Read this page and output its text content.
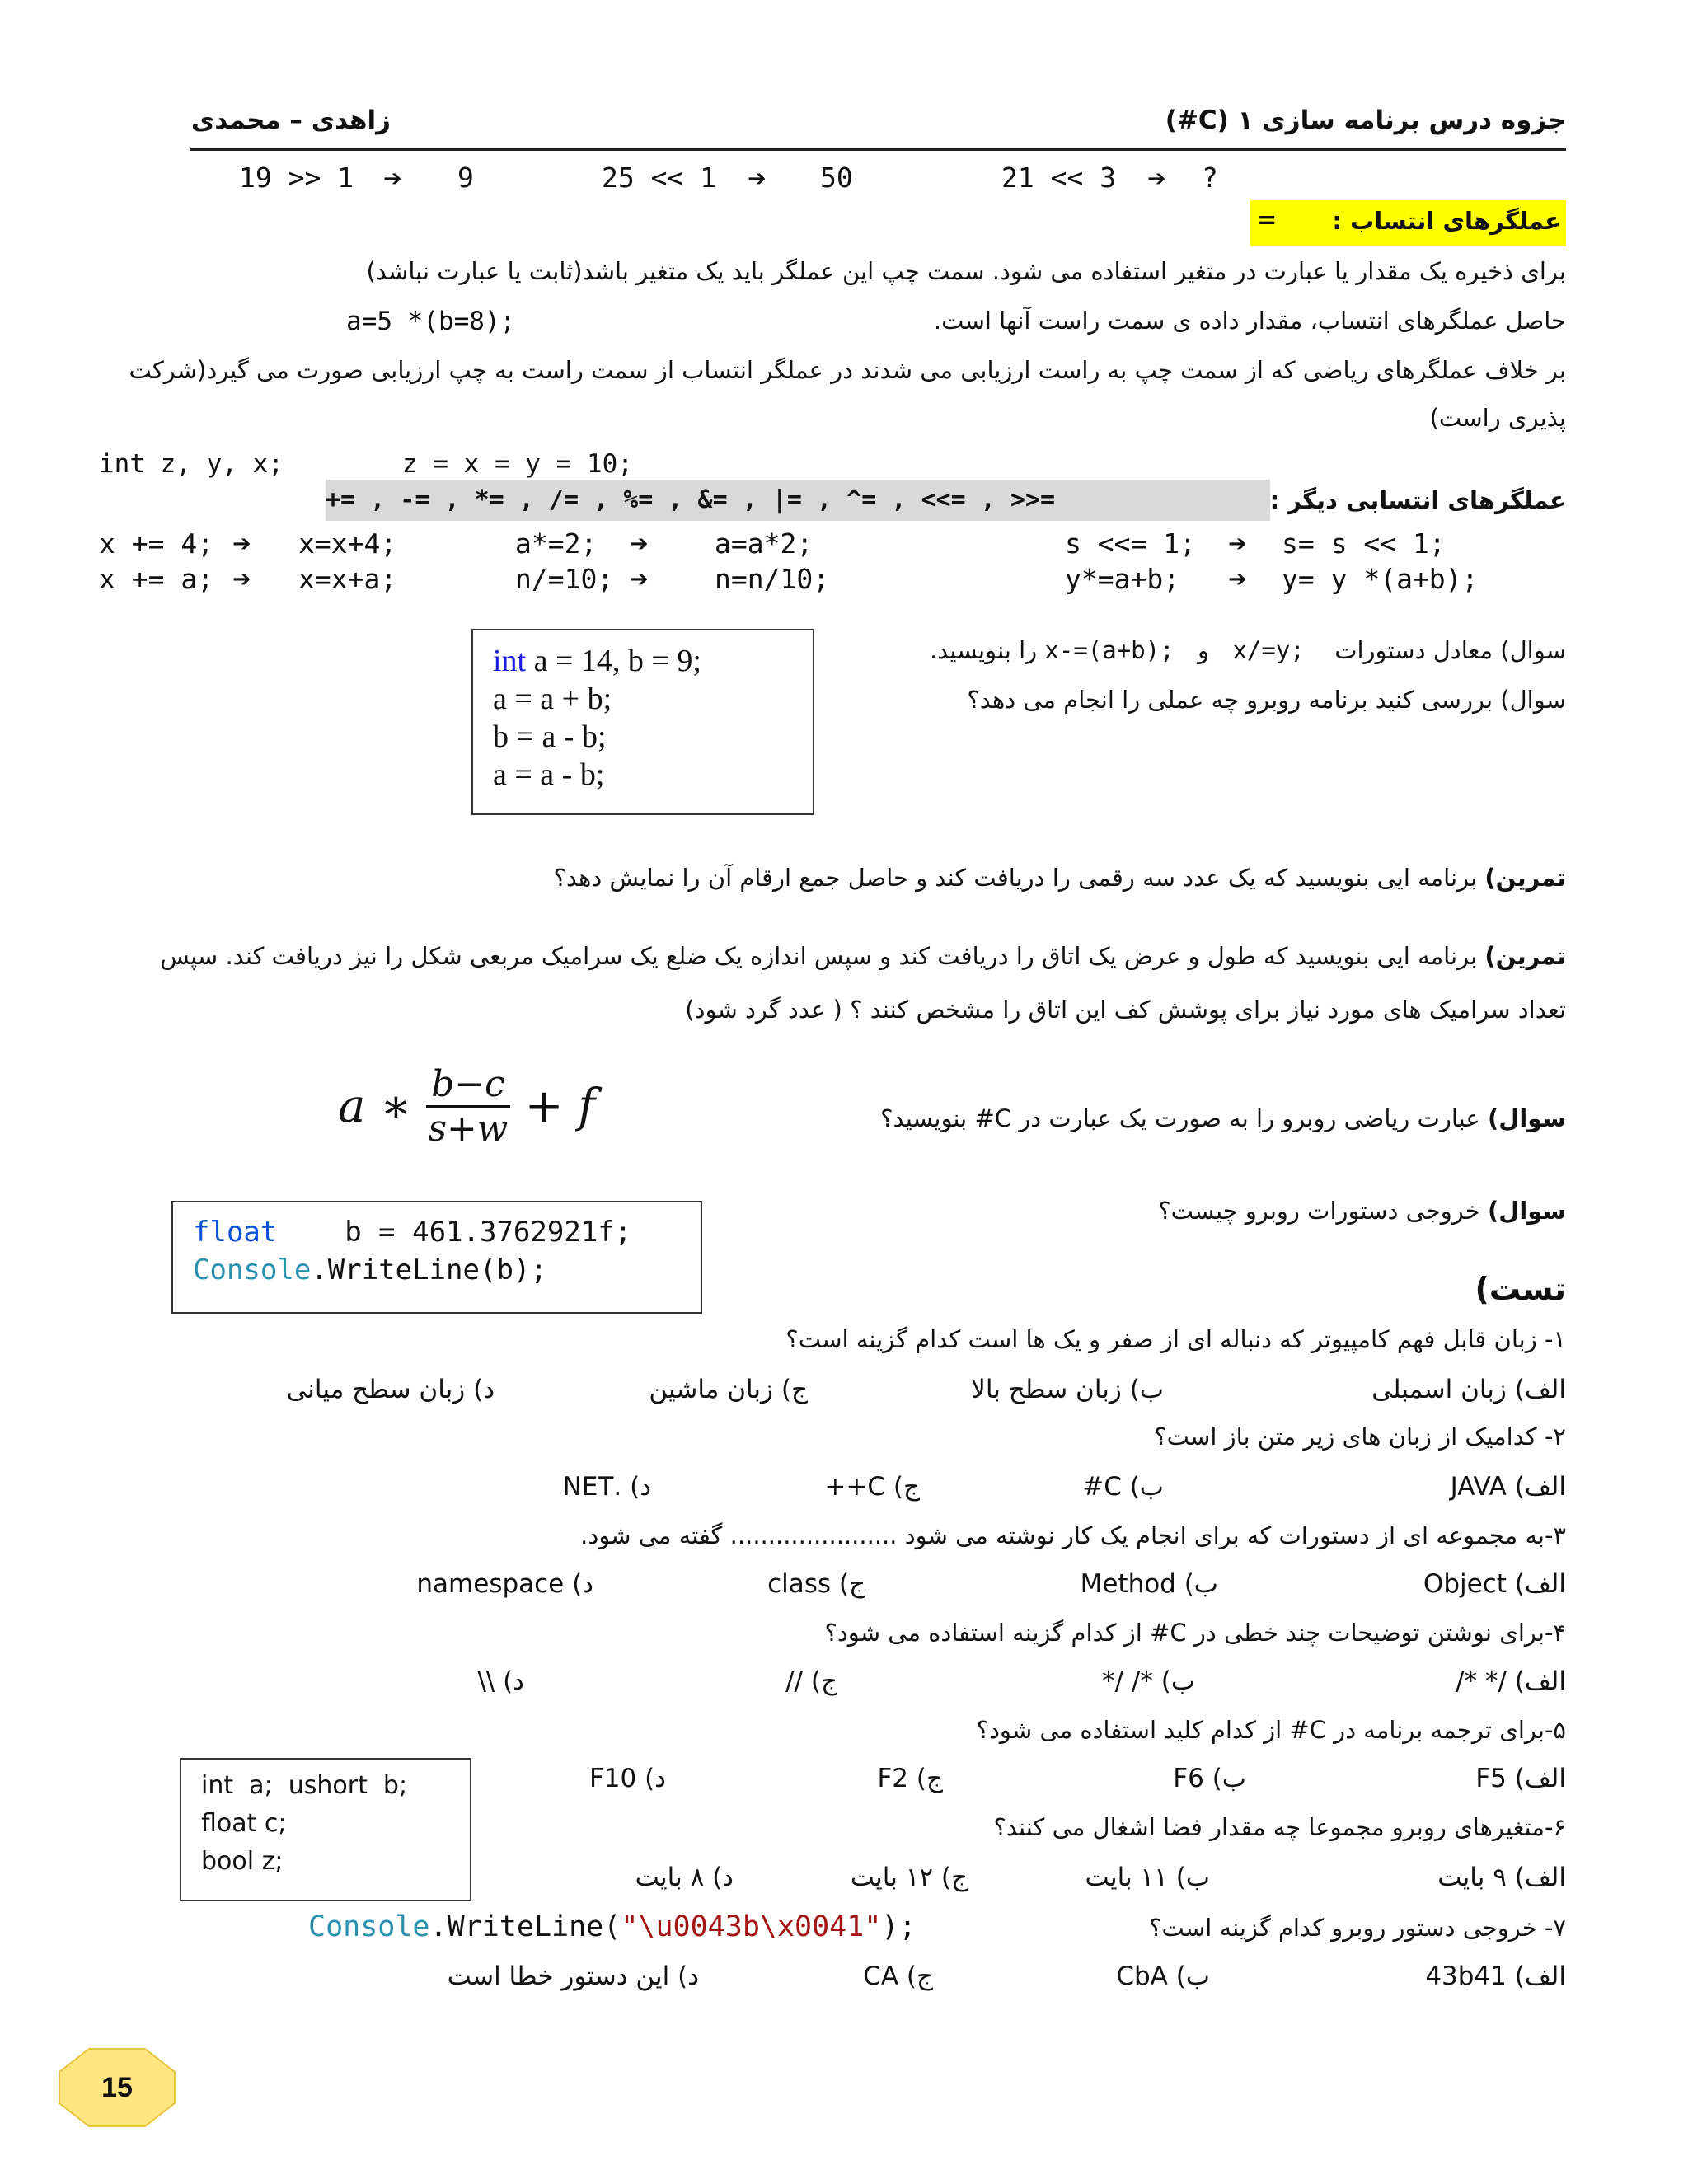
جزوه درس برنامه سازی ۱ (C#)
زاهدی – محمدی
19 >> 1 ➔ 9	25 << 1 ➔ 50	21 << 3 ➔ ?
عملگرهای انتساب :
=
برای ذخیره یک مقدار یا عبارت در متغیر استفاده می شود. سمت چپ این عملگر باید یک متغیر باشد(ثابت یا عبارت نباشد)
حاصل عملگرهای انتساب، مقدار داده ی سمت راست آنها است.
a=5 *(b=8);
بر خلاف عملگرهای ریاضی که از سمت چپ به راست ارزیابی می شدند در عملگر انتساب از سمت راست به چپ ارزیابی صورت می گیرد(شرکت
پذیری راست)
int z, y, x;	z = x = y = 10;
عملگرهای انتسابی دیگر :
+= , -= , *= , /= , %= , &= , |= , ^= , <<= , >>=
x += 4; ➔ x=x+4;	a*=2; ➔ a=a*2;	s <<= 1; ➔ s= s << 1;
x += a; ➔ x=x+a;	n/=10; ➔ n=n/10;	y*=a+b; ➔ y= y *(a+b);
سوال) معادل دستورات  x/=y;  و  x-=(a+b); را بنویسید.
سوال) بررسی کنید برنامه روبرو چه عملی را انجام می دهد؟
int a = 14, b = 9;
a = a + b;
b = a - b;
a = a - b;
تمرین) برنامه ایی بنویسید که یک عدد سه رقمی را دریافت کند و حاصل جمع ارقام آن را نمایش دهد؟
تمرین) برنامه ایی بنویسید که طول و عرض یک اتاق را دریافت کند و سپس اندازه یک ضلع یک سرامیک مربعی شکل را نیز دریافت کند. سپس
تعداد سرامیک های مورد نیاز برای پوشش کف این اتاق را مشخص کنند ؟ ( عدد گرد شود)
سوال) عبارت ریاضی روبرو را به صورت یک عبارت در C# بنویسید؟
a ∗ $\frac{b-c}{s+w} + f$
سوال) خروجی دستورات روبرو چیست؟
float    b = 461.3762921f;
Console.WriteLine(b);
تست)
۱- زبان قابل فهم کامپیوتر که دنباله ای از صفر و یک ها است کدام گزینه است؟
الف) زبان اسمبلی
ب) زبان سطح بالا
ج) زبان ماشین
د) زبان سطح میانی
۲- کدامیک از زبان های زیر متن باز است؟
الف) JAVA
ب) C#
ج) C++
د) .NET
۳-به مجموعه ای از دستورات که برای انجام یک کار نوشته می شود ...................... گفته می شود.
الف) Object
ب) Method
ج) class
د) namespace
۴-برای نوشتن توضیحات چند خطی در C# از کدام گزینه استفاده می شود؟
الف) /* */
ب) */ /*
ج) //
د) \\
۵-برای ترجمه برنامه در C# از کدام کلید استفاده می شود؟
الف) F5
ب) F6
ج) F2
د) F10
۶-متغیرهای روبرو مجموعا چه مقدار فضا اشغال می کنند؟
الف) ۹ بایت
ب) ۱۱ بایت
ج) ۱۲ بایت
د) ۸ بایت
۷- خروجی دستور روبرو کدام گزینه است؟
الف) 43b41
ب) CbA
ج) CA
د) این دستور خطا است
int  a;  ushort  b;
float c;
bool z;
Console.WriteLine("\u0043b\x0041");
15
